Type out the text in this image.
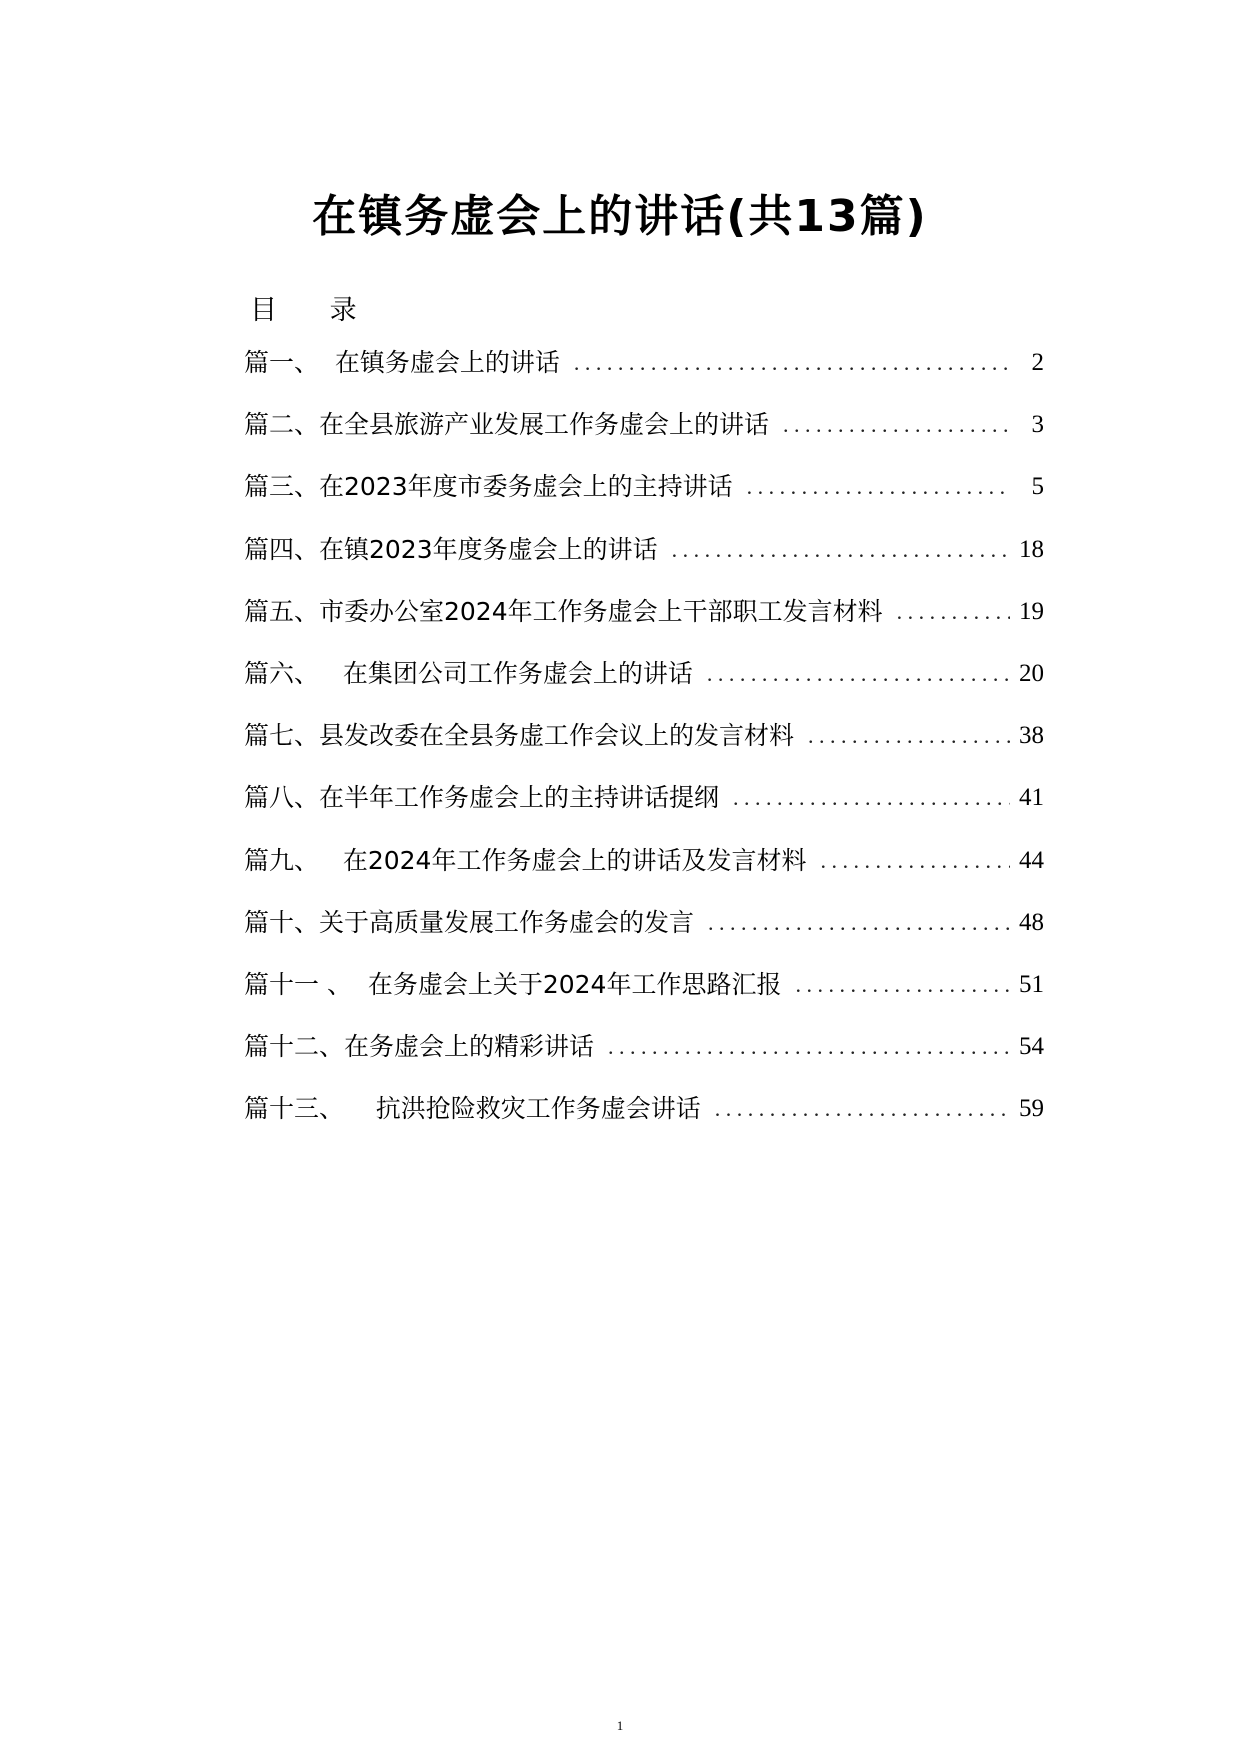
在镇务虚会上的讲话(共13篇)
目 录
篇一、  在镇务虚会上的讲话 . . .	2
篇二、在全县旅游产业发展工作务虚会上的讲话 . . .	3
篇三、在2023年度市委务虚会上的主持讲话 . . .	5
篇四、在镇2023年度务虚会上的讲话 . . .	18
篇五、市委办公室2024年工作务虚会上干部职工发言材料 . . .	19
篇六、   在集团公司工作务虚会上的讲话 . . .	20
篇七、县发改委在全县务虚工作会议上的发言材料 . . .	38
篇八、在半年工作务虚会上的主持讲话提纲 . . .	41
篇九、   在2024年工作务虚会上的讲话及发言材料 . . .	44
篇十、关于高质量发展工作务虚会的发言 . . .	48
篇十一 、  在务虚会上关于2024年工作思路汇报 . . .	51
篇十二、在务虚会上的精彩讲话 . . .	54
篇十三、    抗洪抢险救灾工作务虚会讲话 . . .	59
1
